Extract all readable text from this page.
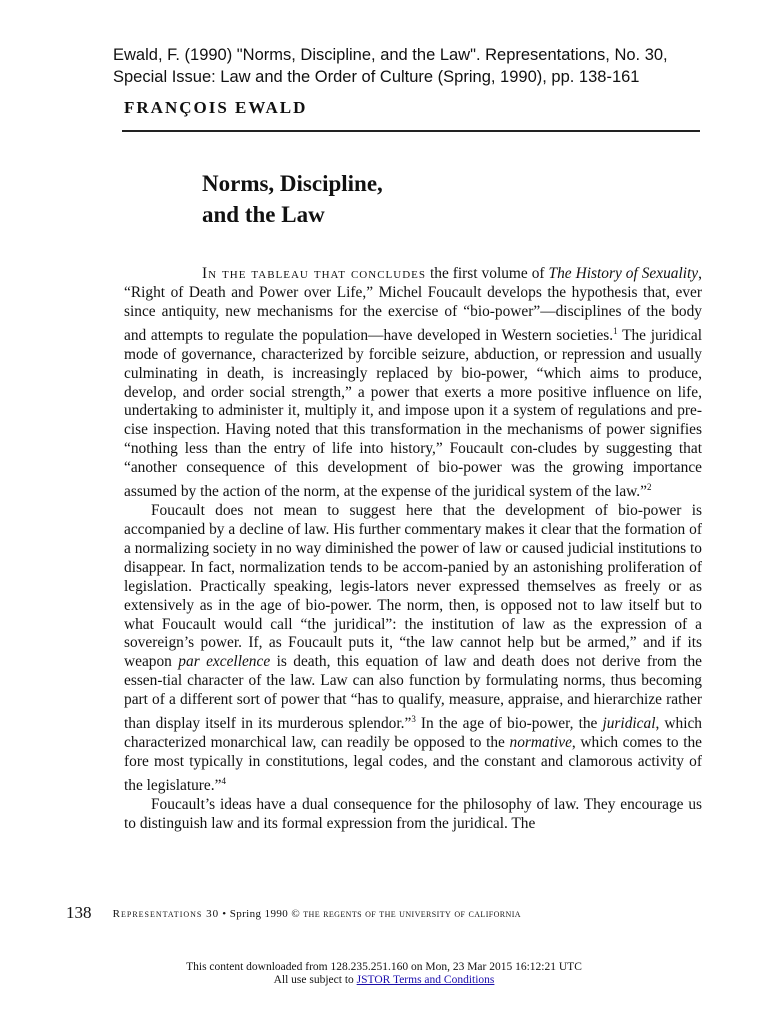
Ewald, F. (1990) "Norms, Discipline, and the Law". Representations, No. 30,
Special Issue: Law and the Order of Culture (Spring, 1990), pp. 138-161
FRANÇOIS EWALD
Norms, Discipline,
and the Law

In the tableau that concludes the first volume of The History of Sexuality, “Right of Death and Power over Life,” Michel Foucault develops the hypothesis that, ever since antiquity, new mechanisms for the exercise of “bio-power”—disciplines of the body and attempts to regulate the population—have developed in Western societies.$^1$ The juridical mode of governance, characterized by forcible seizure, abduction, or repression and usually culminating in death, is increasingly replaced by bio-power, “which aims to produce, develop, and order social strength,” a power that exerts a more positive influence on life, undertaking to administer it, multiply it, and impose upon it a system of regulations and pre-cise inspection. Having noted that this transformation in the mechanisms of power signifies “nothing less than the entry of life into history,” Foucault con-cludes by suggesting that “another consequence of this development of bio-power was the growing importance assumed by the action of the norm, at the expense of the juridical system of the law.”$^2$

Foucault does not mean to suggest here that the development of bio-power is accompanied by a decline of law. His further commentary makes it clear that the formation of a normalizing society in no way diminished the power of law or caused judicial institutions to disappear. In fact, normalization tends to be accom-panied by an astonishing proliferation of legislation. Practically speaking, legis-lators never expressed themselves as freely or as extensively as in the age of bio-power. The norm, then, is opposed not to law itself but to what Foucault would call “the juridical”: the institution of law as the expression of a sovereign’s power. If, as Foucault puts it, “the law cannot help but be armed,” and if its weapon par excellence is death, this equation of law and death does not derive from the essen-tial character of the law. Law can also function by formulating norms, thus becoming part of a different sort of power that “has to qualify, measure, appraise, and hierarchize rather than display itself in its murderous splendor.”$^3$ In the age of bio-power, the juridical, which characterized monarchical law, can readily be opposed to the normative, which comes to the fore most typically in constitutions, legal codes, and the constant and clamorous activity of the legislature.”$^4$

Foucault’s ideas have a dual consequence for the philosophy of law. They encourage us to distinguish law and its formal expression from the juridical. The

138 Representations 30 • Spring 1990 © the regents of the university of california
This content downloaded from 128.235.251.160 on Mon, 23 Mar 2015 16:12:21 UTC
All use subject to JSTOR Terms and Conditions
